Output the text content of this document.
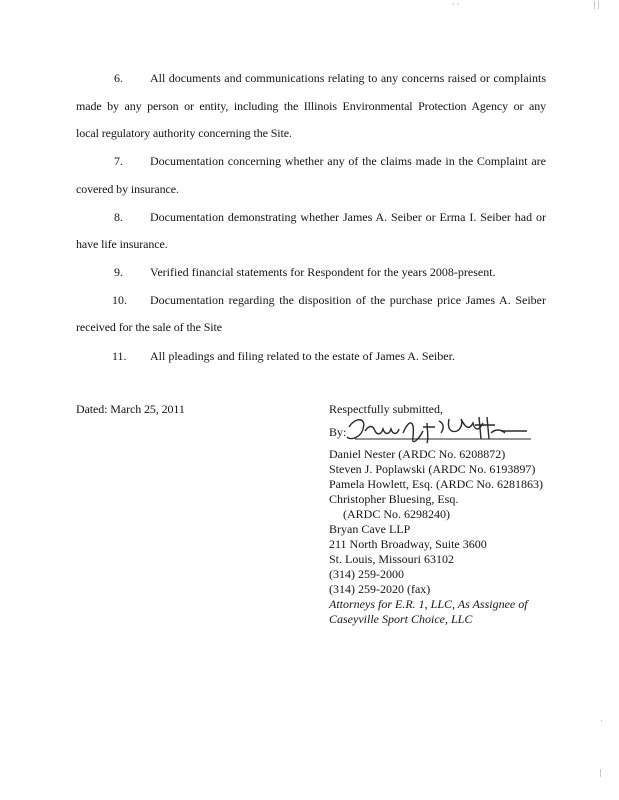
· ·	| |
6. All documents and communications relating to any concerns raised or complaints
made by any person or entity, including the Illinois Environmental Protection Agency or any
local regulatory authority concerning the Site.
7. Documentation concerning whether any of the claims made in the Complaint are
covered by insurance.
8. Documentation demonstrating whether James A. Seiber or Erma I. Seiber had or
have life insurance.
9. Verified financial statements for Respondent for the years 2008-present.
10. Documentation regarding the disposition of the purchase price James A. Seiber
received for the sale of the Site
11. All pleadings and filing related to the estate of James A. Seiber.
Dated: March 25, 2011	Respectfully submitted,
By:
Daniel Nester (ARDC No. 6208872)
Steven J. Poplawski (ARDC No. 6193897)
Pamela Howlett, Esq. (ARDC No. 6281863)
Christopher Bluesing, Esq.
(ARDC No. 6298240)
Bryan Cave LLP
211 North Broadway, Suite 3600
St. Louis, Missouri 63102
(314) 259-2000
(314) 259-2020 (fax)
Attorneys for E.R. 1, LLC, As Assignee of
Caseyville Sport Choice, LLC
·
|
